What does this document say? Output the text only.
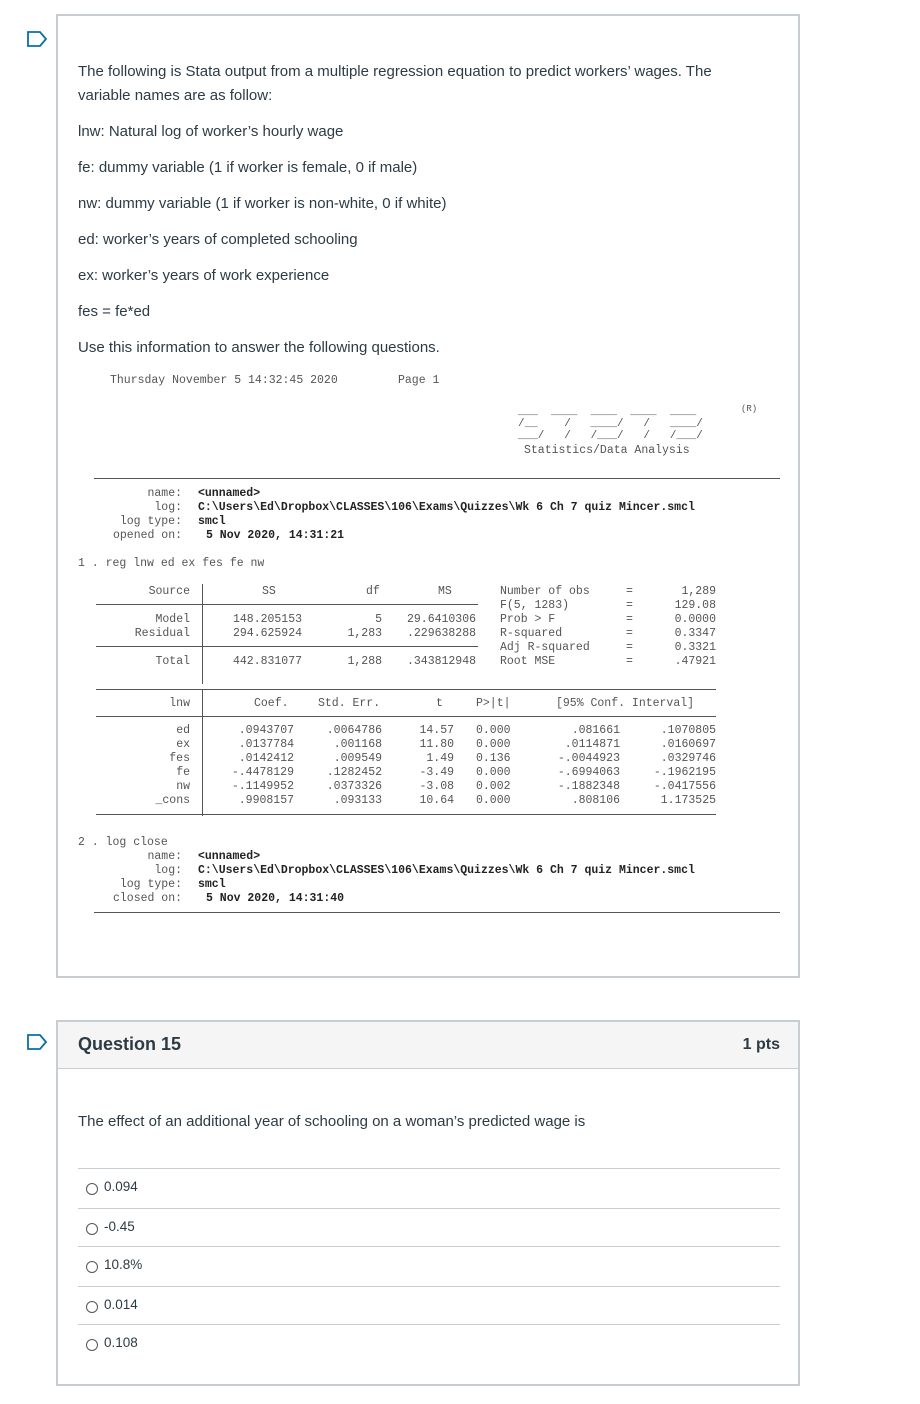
The following is Stata output from a multiple regression equation to predict workers’ wages. The variable names are as follow:

lnw: Natural log of worker’s hourly wage

fe: dummy variable (1 if worker is female, 0 if male)

nw: dummy variable (1 if worker is non-white, 0 if white)

ed: worker’s years of completed schooling

ex: worker’s years of work experience

fes = fe*ed

Use this information to answer the following questions.

Thursday November 5 14:32:45 2020	Page 1
___  ____  ____  ____  ____
/__    /   ____/   /   ____/
___/   /   /___/   /   /___/
(R)
Statistics/Data Analysis
name: <unnamed>
log: C:\Users\Ed\Dropbox\CLASSES\106\Exams\Quizzes\Wk 6 Ch 7 quiz Mincer.smcl
log type: smcl
opened on: 5 Nov 2020, 14:31:21
1 . reg lnw ed ex fes fe nw
Source	SS	df	MS
Model	148.205153	5	29.6410306
Residual	294.625924	1,283	.229638288
Total	442.831077	1,288	.343812948
Number of obs	=	1,289
F(5, 1283)	=	129.08
Prob > F	=	0.0000
R-squared	=	0.3347
Adj R-squared	=	0.3321
Root MSE	=	.47921
lnw	Coef.	Std. Err.	t	P>|t|	[95% Conf. Interval]
ed	.0943707	.0064786	14.57 0.000	.081661	.1070805
ex	.0137784	.001168	11.80 0.000	.0114871	.0160697
fes	.0142412	.009549	1.49 0.136	-.0044923	.0329746
fe	-.4478129	.1282452	-3.49 0.000	-.6994063	-.1962195
nw	-.1149952	.0373326	-3.08 0.002	-.1882348	-.0417556
_cons	.9908157	.093133	10.64 0.000	.808106	1.173525
2 . log close
name: <unnamed>
log: C:\Users\Ed\Dropbox\CLASSES\106\Exams\Quizzes\Wk 6 Ch 7 quiz Mincer.smcl
log type: smcl
closed on: 5 Nov 2020, 14:31:40
Question 15	1 pts

The effect of an additional year of schooling on a woman’s predicted wage is

0.094
-0.45
10.8%
0.014
0.108
